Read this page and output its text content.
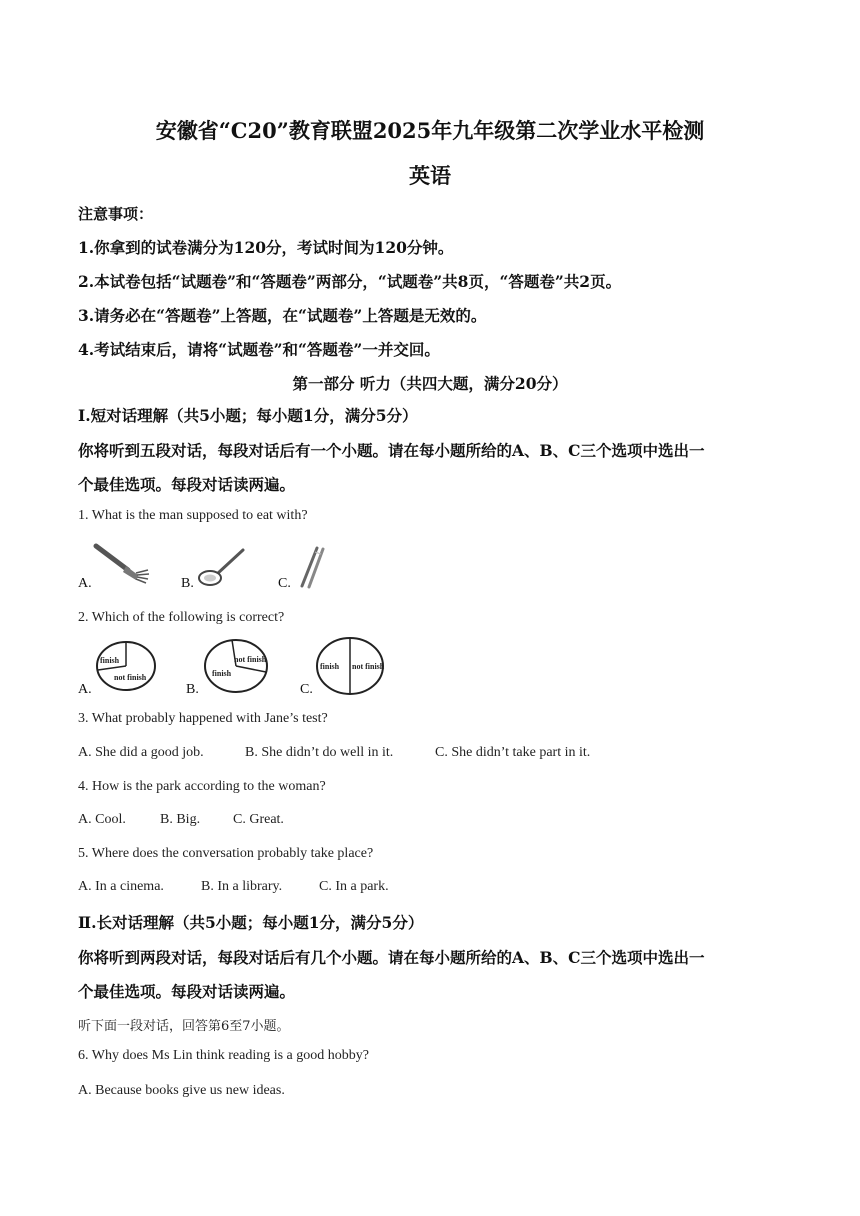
安徽省“C20”教育联盟2025年九年级第二次学业水平检测
英语
注意事项：
1.你拿到的试卷满分为120分，考试时间为120分钟。
2.本试卷包括“试题卷”和“答题卷”两部分，“试题卷”共8页，“答题卷”共2页。
3.请务必在“答题卷”上答题，在“试题卷”上答题是无效的。
4.考试结束后，请将“试题卷”和“答题卷”一并交回。
第一部分 听力（共四大题，满分20分）
Ⅰ.短对话理解（共5小题；每小题1分，满分5分）
你将听到五段对话，每段对话后有一个小题。请在每小题所给的A、B、C三个选项中选出一
个最佳选项。每段对话读两遍。
1. What is the man supposed to eat with?
A.	B.	C.
2. Which of the following is correct?
A.
finish
not finish
B.
not finish
finish
C.
finish not finish
3. What probably happened with Jane’s test?
A. She did a good job.	B. She didn’t do well in it.	C. She didn’t take part in it.
4. How is the park according to the woman?
A. Cool. B. Big. C. Great.
5. Where does the conversation probably take place?
A. In a cinema.	B. In a library.	C. In a park.
Ⅱ.长对话理解（共5小题；每小题1分，满分5分）
你将听到两段对话，每段对话后有几个小题。请在每小题所给的A、B、C三个选项中选出一
个最佳选项。每段对话读两遍。
听下面一段对话，回答第6至7小题。
6. Why does Ms Lin think reading is a good hobby?
A. Because books give us new ideas.
